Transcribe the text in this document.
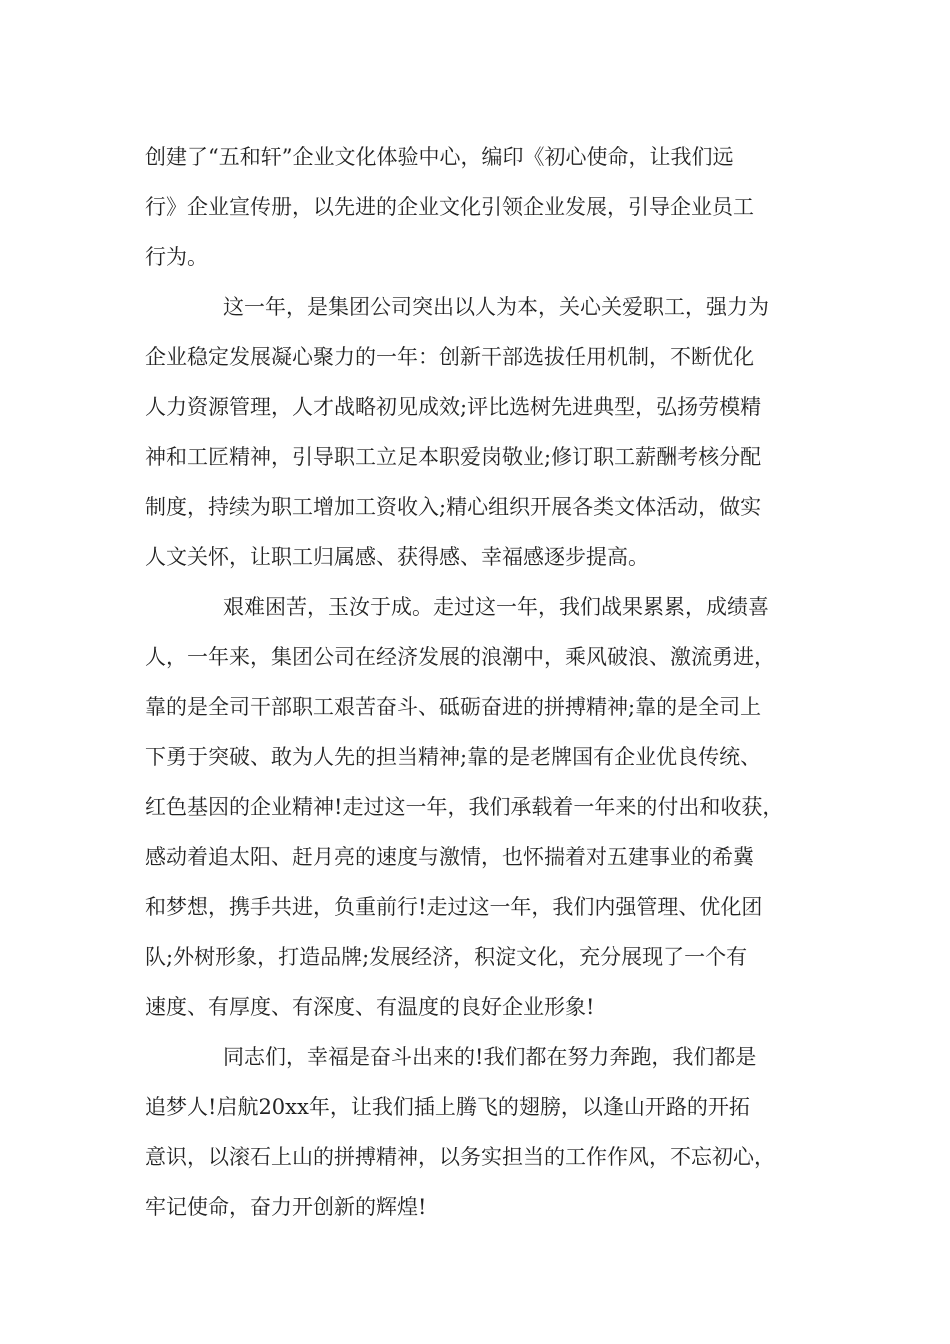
创建了“五和轩”企业文化体验中心，编印《初心使命，让我们远

行》企业宣传册，以先进的企业文化引领企业发展，引导企业员工

行为。

这一年，是集团公司突出以人为本，关心关爱职工，强力为

企业稳定发展凝心聚力的一年：创新干部选拔任用机制，不断优化

人力资源管理，人才战略初见成效;评比选树先进典型，弘扬劳模精

神和工匠精神，引导职工立足本职爱岗敬业;修订职工薪酬考核分配

制度，持续为职工增加工资收入;精心组织开展各类文体活动，做实

人文关怀，让职工归属感、获得感、幸福感逐步提高。

艰难困苦，玉汝于成。走过这一年，我们战果累累，成绩喜

人，一年来，集团公司在经济发展的浪潮中，乘风破浪、激流勇进，

靠的是全司干部职工艰苦奋斗、砥砺奋进的拼搏精神;靠的是全司上

下勇于突破、敢为人先的担当精神;靠的是老牌国有企业优良传统、

红色基因的企业精神!走过这一年，我们承载着一年来的付出和收获，

感动着追太阳、赶月亮的速度与激情，也怀揣着对五建事业的希冀

和梦想，携手共进，负重前行!走过这一年，我们内强管理、优化团

队;外树形象，打造品牌;发展经济，积淀文化，充分展现了一个有

速度、有厚度、有深度、有温度的良好企业形象!

同志们，幸福是奋斗出来的!我们都在努力奔跑，我们都是

追梦人!启航20xx年，让我们插上腾飞的翅膀，以逢山开路的开拓

意识，以滚石上山的拼搏精神，以务实担当的工作作风，不忘初心，

牢记使命，奋力开创新的辉煌!
